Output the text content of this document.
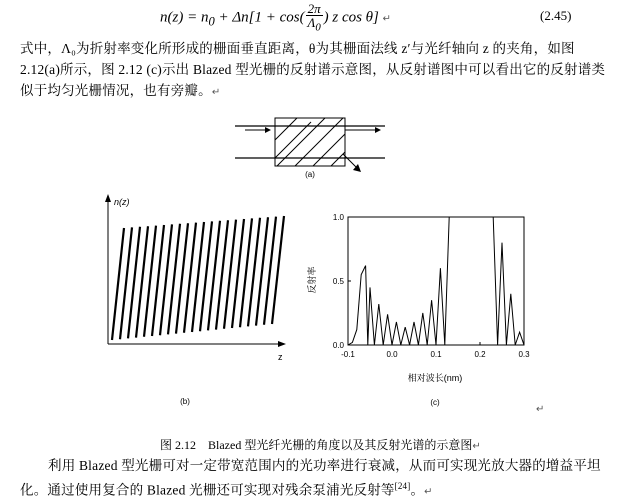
$n(z) = n_0 + \Delta n[1 + \cos( \frac{2\pi}{\Lambda_0}$ ) z cos θ] ↵	(2.45)
式中，Λ₀为折射率变化所形成的栅面垂直距离，θ为其栅面法线 z′与光纤轴向 z 的夹角，如图 2.12(a)所示，图 2.12 (c)示出 Blazed 型光栅的反射谱示意图，从反射谱图中可以看出它的反射谱类似于均匀光栅情况，也有旁瓣。↵
(a)
n(z)
z
(b)
-0.1	0.0	0.1	0.2	0.3
0.0
0.5
1.0
反射率
相对波长(nm)
(c)
↵
图 2.12　Blazed 型光纤光栅的角度以及其反射光谱的示意图↵
利用 Blazed 型光栅可对一定带宽范围内的光功率进行衰减，从而可实现光放大器的增益平坦化。通过使用复合的 Blazed 光栅还可实现对残余泵浦光反射等[24]。↵
